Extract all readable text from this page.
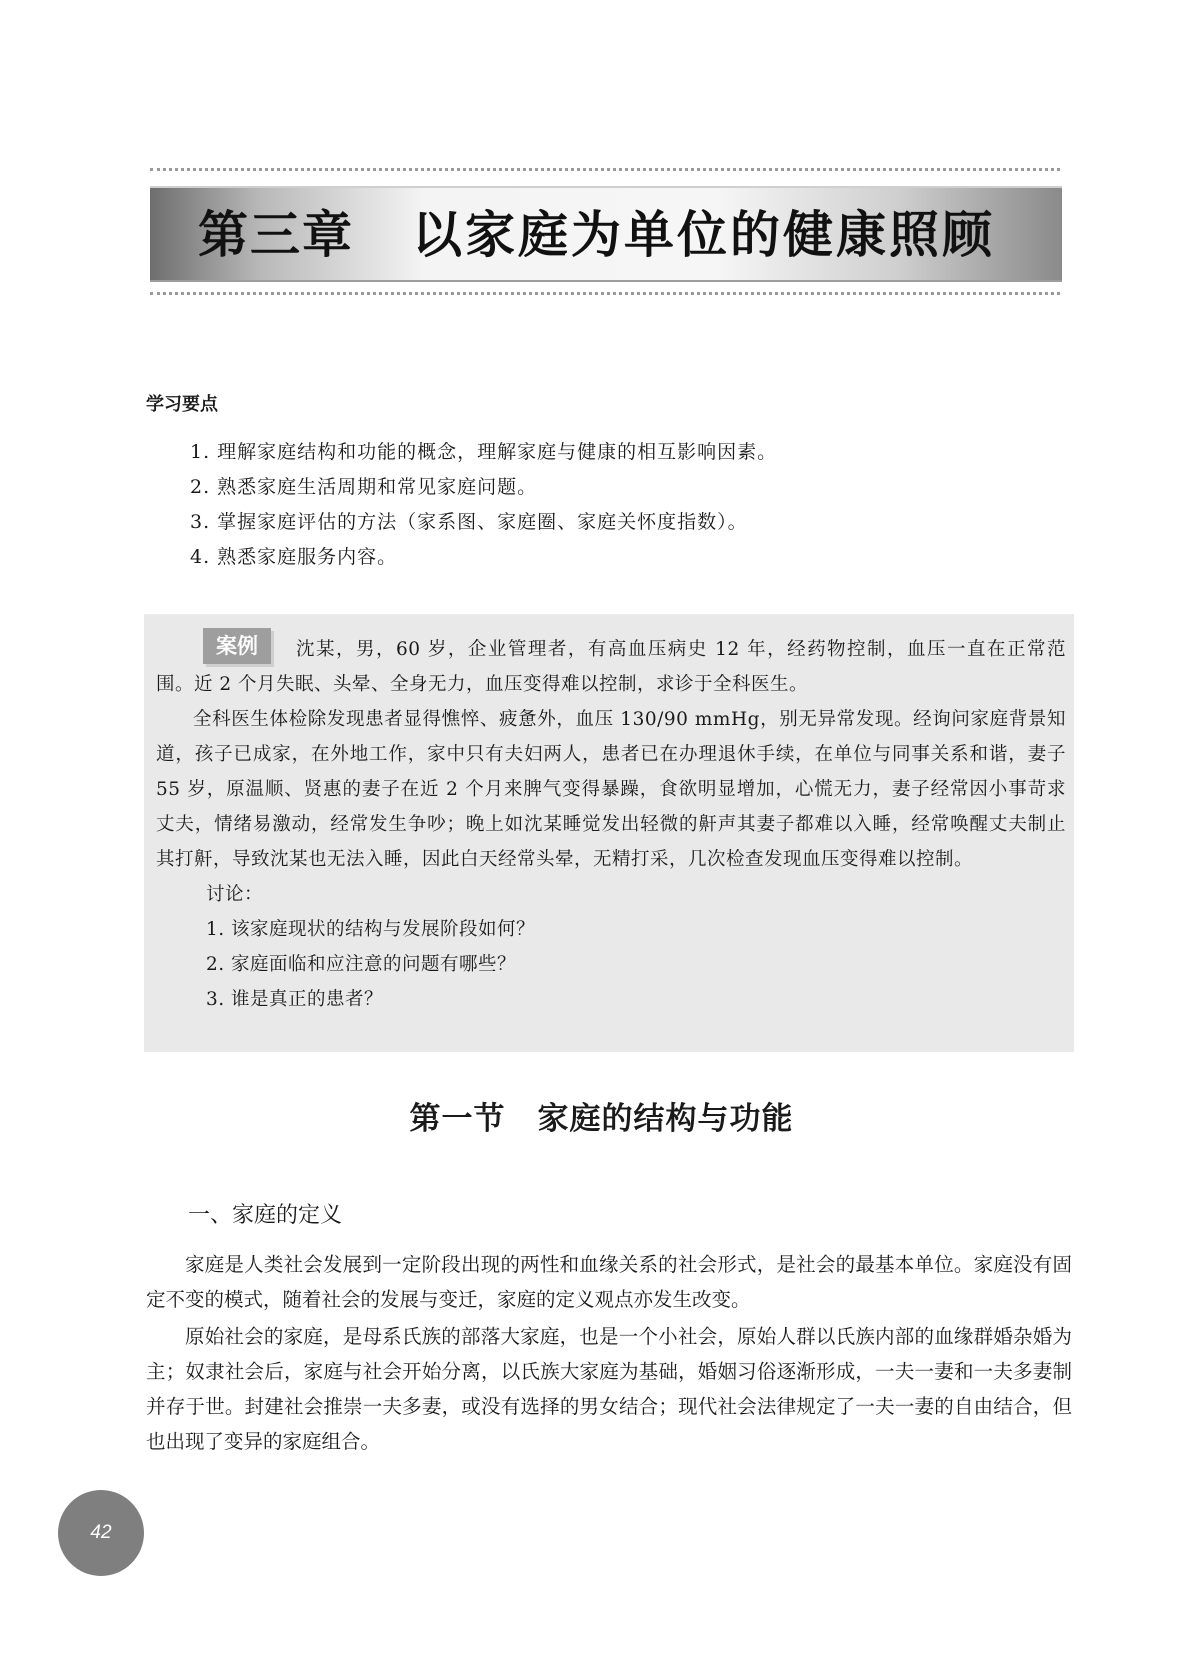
第三章 以家庭为单位的健康照顾
学习要点
1. 理解家庭结构和功能的概念，理解家庭与健康的相互影响因素。
2. 熟悉家庭生活周期和常见家庭问题。
3. 掌握家庭评估的方法（家系图、家庭圈、家庭关怀度指数）。
4. 熟悉家庭服务内容。
案例	沈某，男，60 岁，企业管理者，有高血压病史 12 年，经药物控制，血压一直在正常范围。近 2 个月失眠、头晕、全身无力，血压变得难以控制，求诊于全科医生。

全科医生体检除发现患者显得憔悴、疲惫外，血压 130/90 mmHg，别无异常发现。经询问家庭背景知道，孩子已成家，在外地工作，家中只有夫妇两人，患者已在办理退休手续，在单位与同事关系和谐，妻子 55 岁，原温顺、贤惠的妻子在近 2 个月来脾气变得暴躁，食欲明显增加，心慌无力，妻子经常因小事苛求丈夫，情绪易激动，经常发生争吵；晚上如沈某睡觉发出轻微的鼾声其妻子都难以入睡，经常唤醒丈夫制止其打鼾，导致沈某也无法入睡，因此白天经常头晕，无精打采，几次检查发现血压变得难以控制。

讨论：

1. 该家庭现状的结构与发展阶段如何？

2. 家庭面临和应注意的问题有哪些？

3. 谁是真正的患者？

第一节　家庭的结构与功能
一、家庭的定义

家庭是人类社会发展到一定阶段出现的两性和血缘关系的社会形式，是社会的最基本单位。家庭没有固定不变的模式，随着社会的发展与变迁，家庭的定义观点亦发生改变。

原始社会的家庭，是母系氏族的部落大家庭，也是一个小社会，原始人群以氏族内部的血缘群婚杂婚为主；奴隶社会后，家庭与社会开始分离，以氏族大家庭为基础，婚姻习俗逐渐形成，一夫一妻和一夫多妻制并存于世。封建社会推崇一夫多妻，或没有选择的男女结合；现代社会法律规定了一夫一妻的自由结合，但也出现了变异的家庭组合。

42
